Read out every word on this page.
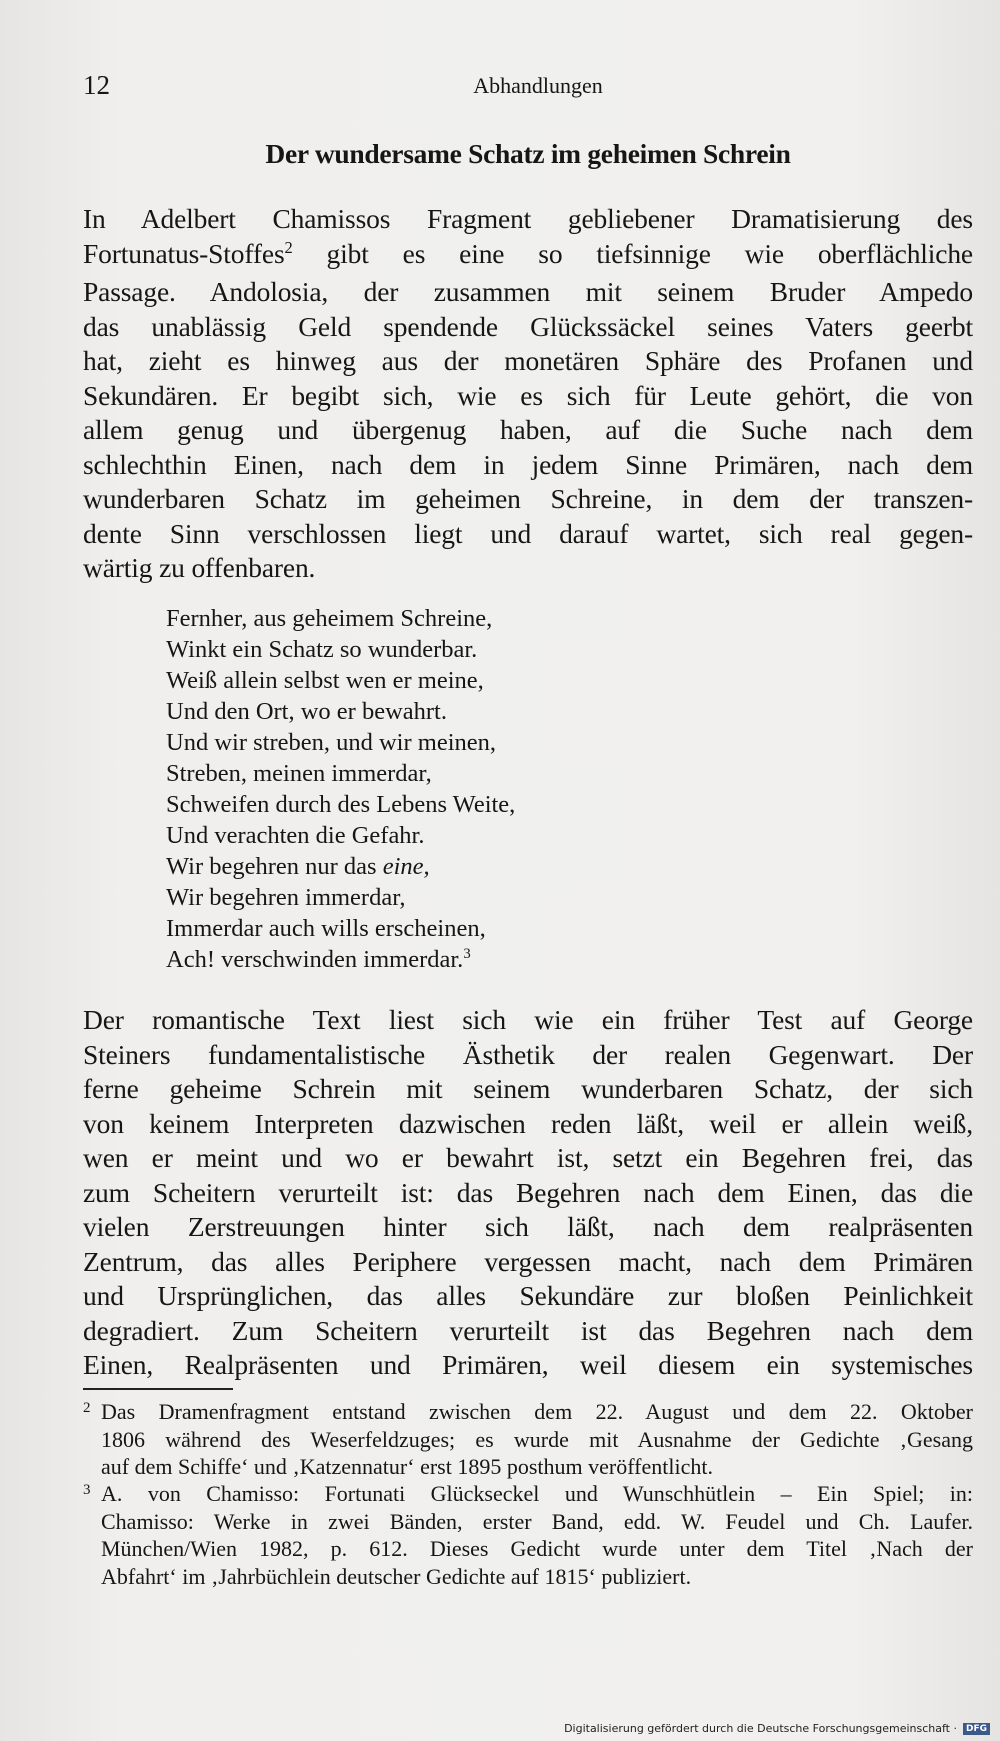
12	Abhandlungen
Der wundersame Schatz im geheimen Schrein
In Adelbert Chamissos Fragment gebliebener Dramatisierung des
Fortunatus-Stoffes$^2$ gibt es eine so tiefsinnige wie oberflächliche
Passage. Andolosia, der zusammen mit seinem Bruder Ampedo
das unablässig Geld spendende Glückssäckel seines Vaters geerbt
hat, zieht es hinweg aus der monetären Sphäre des Profanen und
Sekundären. Er begibt sich, wie es sich für Leute gehört, die von
allem genug und übergenug haben, auf die Suche nach dem
schlechthin Einen, nach dem in jedem Sinne Primären, nach dem
wunderbaren Schatz im geheimen Schreine, in dem der transzen-
dente Sinn verschlossen liegt und darauf wartet, sich real gegen-
wärtig zu offenbaren.
Fernher, aus geheimem Schreine,
Winkt ein Schatz so wunderbar.
Weiß allein selbst wen er meine,
Und den Ort, wo er bewahrt.
Und wir streben, und wir meinen,
Streben, meinen immerdar,
Schweifen durch des Lebens Weite,
Und verachten die Gefahr.
Wir begehren nur das eine,
Wir begehren immerdar,
Immerdar auch wills erscheinen,
Ach! verschwinden immerdar.$^3$
Der romantische Text liest sich wie ein früher Test auf George
Steiners fundamentalistische Ästhetik der realen Gegenwart. Der
ferne geheime Schrein mit seinem wunderbaren Schatz, der sich
von keinem Interpreten dazwischen reden läßt, weil er allein weiß,
wen er meint und wo er bewahrt ist, setzt ein Begehren frei, das
zum Scheitern verurteilt ist: das Begehren nach dem Einen, das die
vielen Zerstreuungen hinter sich läßt, nach dem realpräsenten
Zentrum, das alles Periphere vergessen macht, nach dem Primären
und Ursprünglichen, das alles Sekundäre zur bloßen Peinlichkeit
degradiert. Zum Scheitern verurteilt ist das Begehren nach dem
Einen, Realpräsenten und Primären, weil diesem ein systemisches
2 Das Dramenfragment entstand zwischen dem 22. August und dem 22. Oktober
1806 während des Weserfeldzuges; es wurde mit Ausnahme der Gedichte ‚Gesang
auf dem Schiffe‘ und ‚Katzennatur‘ erst 1895 posthum veröffentlicht.
3 A. von Chamisso: Fortunati Glückseckel und Wunschhütlein – Ein Spiel; in:
Chamisso: Werke in zwei Bänden, erster Band, edd. W. Feudel und Ch. Laufer.
München/Wien 1982, p. 612. Dieses Gedicht wurde unter dem Titel ‚Nach der
Abfahrt‘ im ‚Jahrbüchlein deutscher Gedichte auf 1815‘ publiziert.
Digitalisierung gefördert durch die Deutsche Forschungsgemeinschaft ·	DFG
